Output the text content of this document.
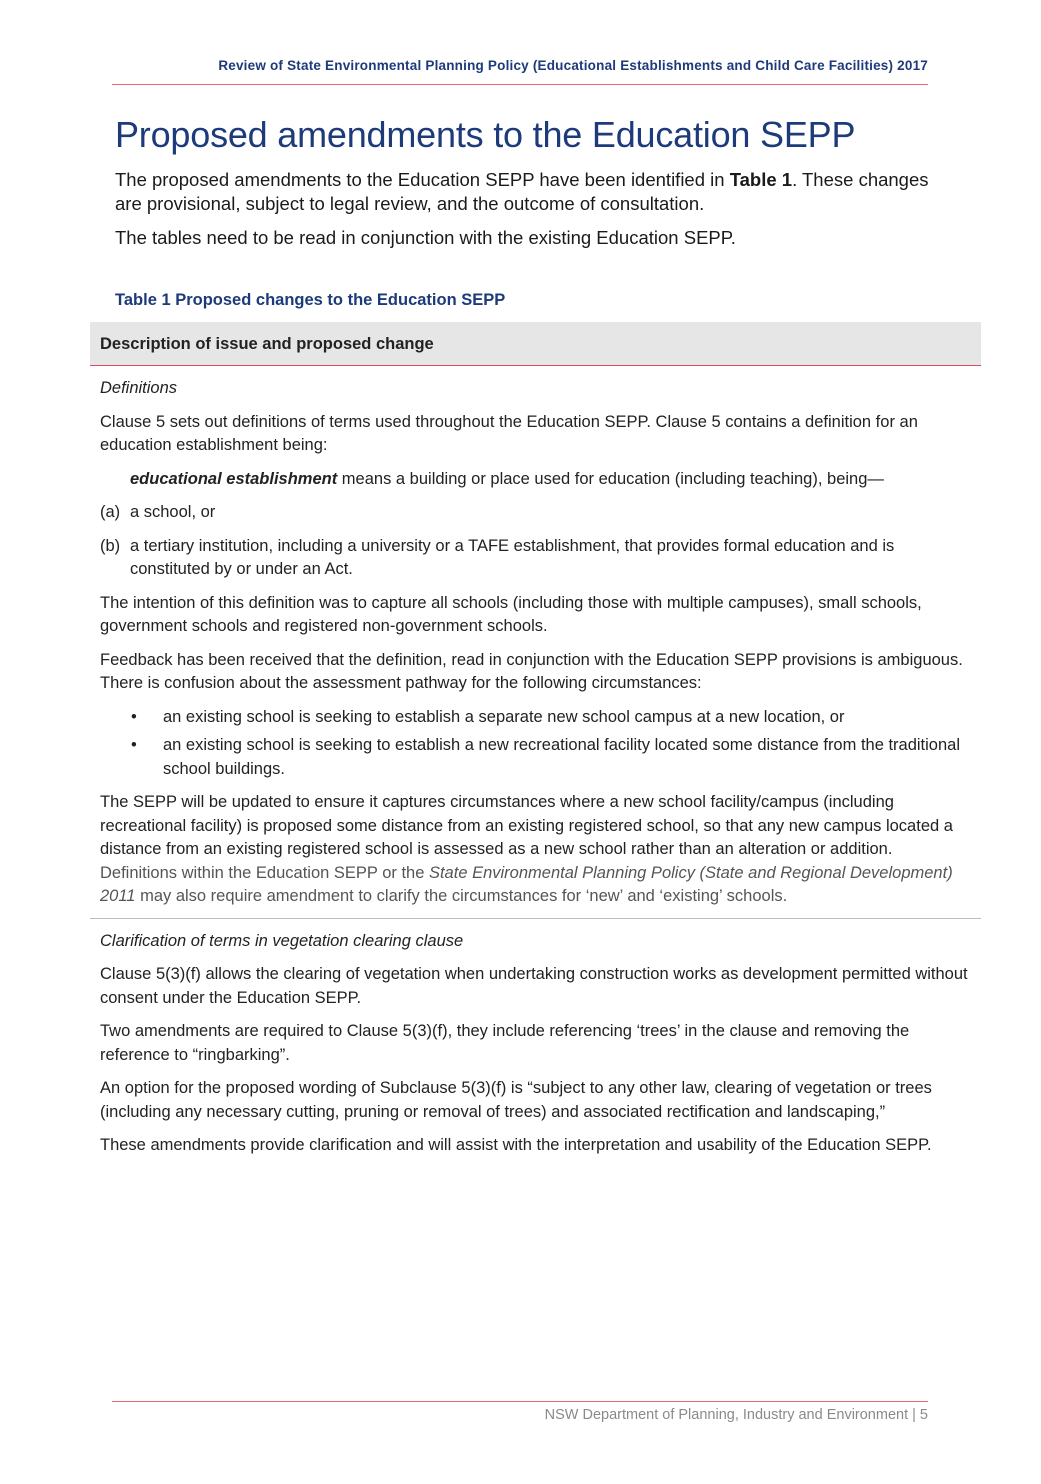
Review of State Environmental Planning Policy (Educational Establishments and Child Care Facilities) 2017
Proposed amendments to the Education SEPP

The proposed amendments to the Education SEPP have been identified in Table 1. These changes are provisional, subject to legal review, and the outcome of consultation.

The tables need to be read in conjunction with the existing Education SEPP.

Table 1 Proposed changes to the Education SEPP
Description of issue and proposed change

Definitions

Clause 5 sets out definitions of terms used throughout the Education SEPP. Clause 5 contains a definition for an education establishment being:

educational establishment means a building or place used for education (including teaching), being—

(a) a school, or

(b) a tertiary institution, including a university or a TAFE establishment, that provides formal education and is constituted by or under an Act.

The intention of this definition was to capture all schools (including those with multiple campuses), small schools, government schools and registered non-government schools.

Feedback has been received that the definition, read in conjunction with the Education SEPP provisions is ambiguous. There is confusion about the assessment pathway for the following circumstances:

• an existing school is seeking to establish a separate new school campus at a new location, or
• an existing school is seeking to establish a new recreational facility located some distance from the traditional school buildings.

The SEPP will be updated to ensure it captures circumstances where a new school facility/campus (including recreational facility) is proposed some distance from an existing registered school, so that any new campus located a distance from an existing registered school is assessed as a new school rather than an alteration or addition. Definitions within the Education SEPP or the State Environmental Planning Policy (State and Regional Development) 2011 may also require amendment to clarify the circumstances for ‘new’ and ‘existing’ schools.

Clarification of terms in vegetation clearing clause

Clause 5(3)(f) allows the clearing of vegetation when undertaking construction works as development permitted without consent under the Education SEPP.

Two amendments are required to Clause 5(3)(f), they include referencing ‘trees’ in the clause and removing the reference to “ringbarking”.

An option for the proposed wording of Subclause 5(3)(f) is “subject to any other law, clearing of vegetation or trees (including any necessary cutting, pruning or removal of trees) and associated rectification and landscaping,”

These amendments provide clarification and will assist with the interpretation and usability of the Education SEPP.

NSW Department of Planning, Industry and Environment | 5
